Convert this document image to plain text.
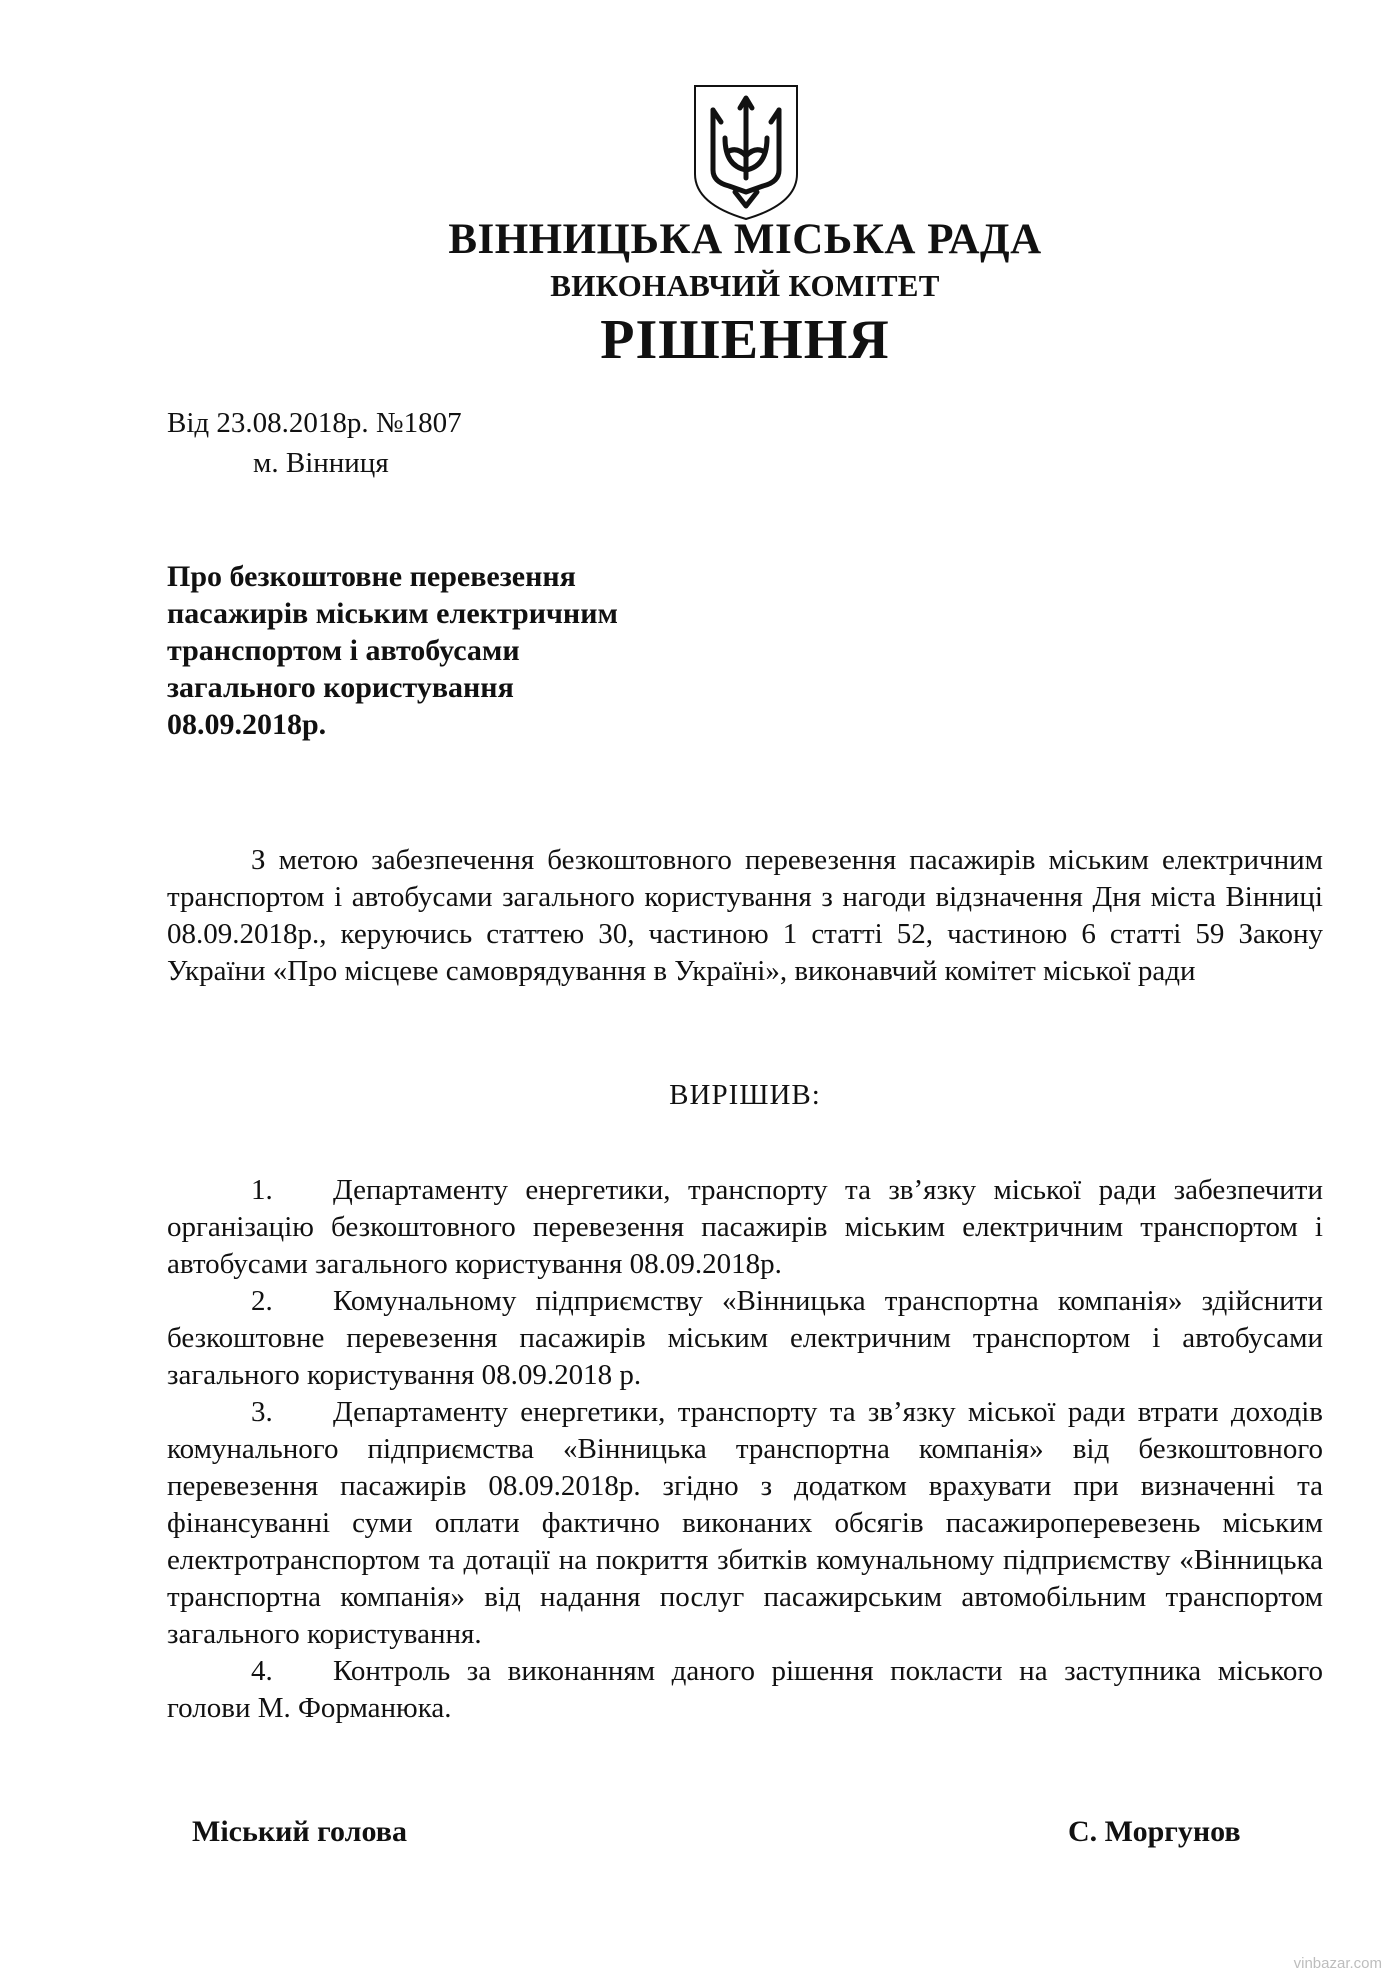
ВІННИЦЬКА МІСЬКА РАДА
ВИКОНАВЧИЙ КОМІТЕТ
РІШЕННЯ
Від 23.08.2018р. №1807
м. Вінниця
Про безкоштовне перевезення
пасажирів міським електричним
транспортом і автобусами
загального користування
08.09.2018р.
З метою забезпечення безкоштовного перевезення пасажирів міським електричним транспортом і автобусами загального користування з нагоди відзначення Дня міста Вінниці 08.09.2018р., керуючись статтею 30, частиною 1 статті 52, частиною 6 статті 59 Закону України «Про місцеве самоврядування в Україні», виконавчий комітет міської ради
ВИРІШИВ:
1. Департаменту енергетики, транспорту та зв’язку міської ради забезпечити організацію безкоштовного перевезення пасажирів міським електричним транспортом і автобусами загального користування 08.09.2018р.
2. Комунальному підприємству «Вінницька транспортна компанія» здійснити безкоштовне перевезення пасажирів міським електричним транспортом і автобусами загального користування 08.09.2018 р.
3. Департаменту енергетики, транспорту та зв’язку міської ради втрати доходів комунального підприємства «Вінницька транспортна компанія» від безкоштовного перевезення пасажирів 08.09.2018р. згідно з додатком врахувати при визначенні та фінансуванні суми оплати фактично виконаних обсягів пасажироперевезень міським електротранспортом та дотації на покриття збитків комунальному підприємству «Вінницька транспортна компанія» від надання послуг пасажирським автомобільним транспортом загального користування.
4. Контроль за виконанням даного рішення покласти на заступника міського голови М. Форманюка.
Міський голова	С. Моргунов
vinbazar.com
